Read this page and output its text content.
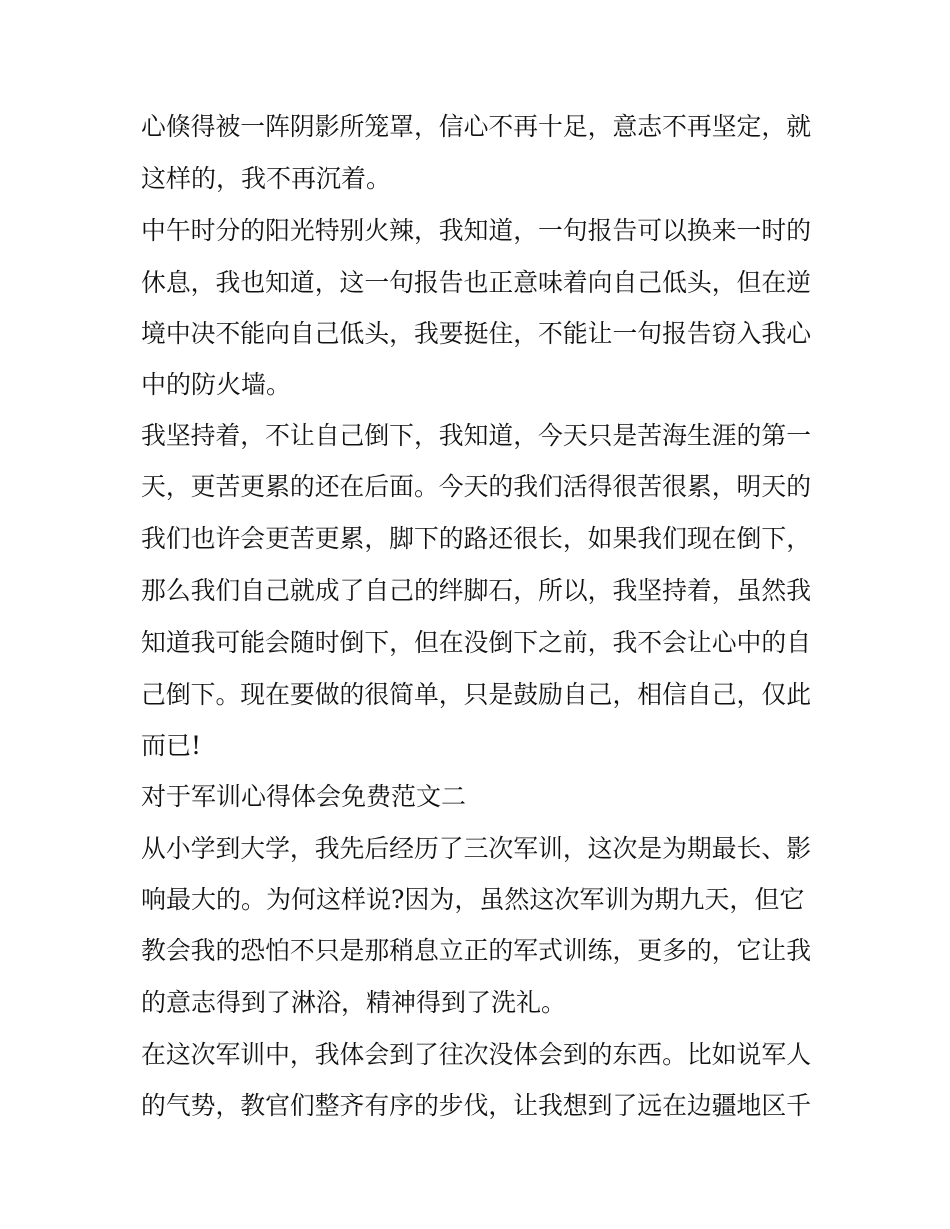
心倏得被一阵阴影所笼罩，信心不再十足，意志不再坚定，就

这样的，我不再沉着。

中午时分的阳光特别火辣，我知道，一句报告可以换来一时的

休息，我也知道，这一句报告也正意味着向自己低头，但在逆

境中决不能向自己低头，我要挺住，不能让一句报告窃入我心

中的防火墙。

我坚持着，不让自己倒下，我知道，今天只是苦海生涯的第一

天，更苦更累的还在后面。今天的我们活得很苦很累，明天的

我们也许会更苦更累，脚下的路还很长，如果我们现在倒下，

那么我们自己就成了自己的绊脚石，所以，我坚持着，虽然我

知道我可能会随时倒下，但在没倒下之前，我不会让心中的自

己倒下。现在要做的很简单，只是鼓励自己，相信自己，仅此

而已!

对于军训心得体会免费范文二

从小学到大学，我先后经历了三次军训，这次是为期最长、影

响最大的。为何这样说?因为，虽然这次军训为期九天，但它

教会我的恐怕不只是那稍息立正的军式训练，更多的，它让我

的意志得到了淋浴，精神得到了洗礼。

在这次军训中，我体会到了往次没体会到的东西。比如说军人

的气势，教官们整齐有序的步伐，让我想到了远在边疆地区千
